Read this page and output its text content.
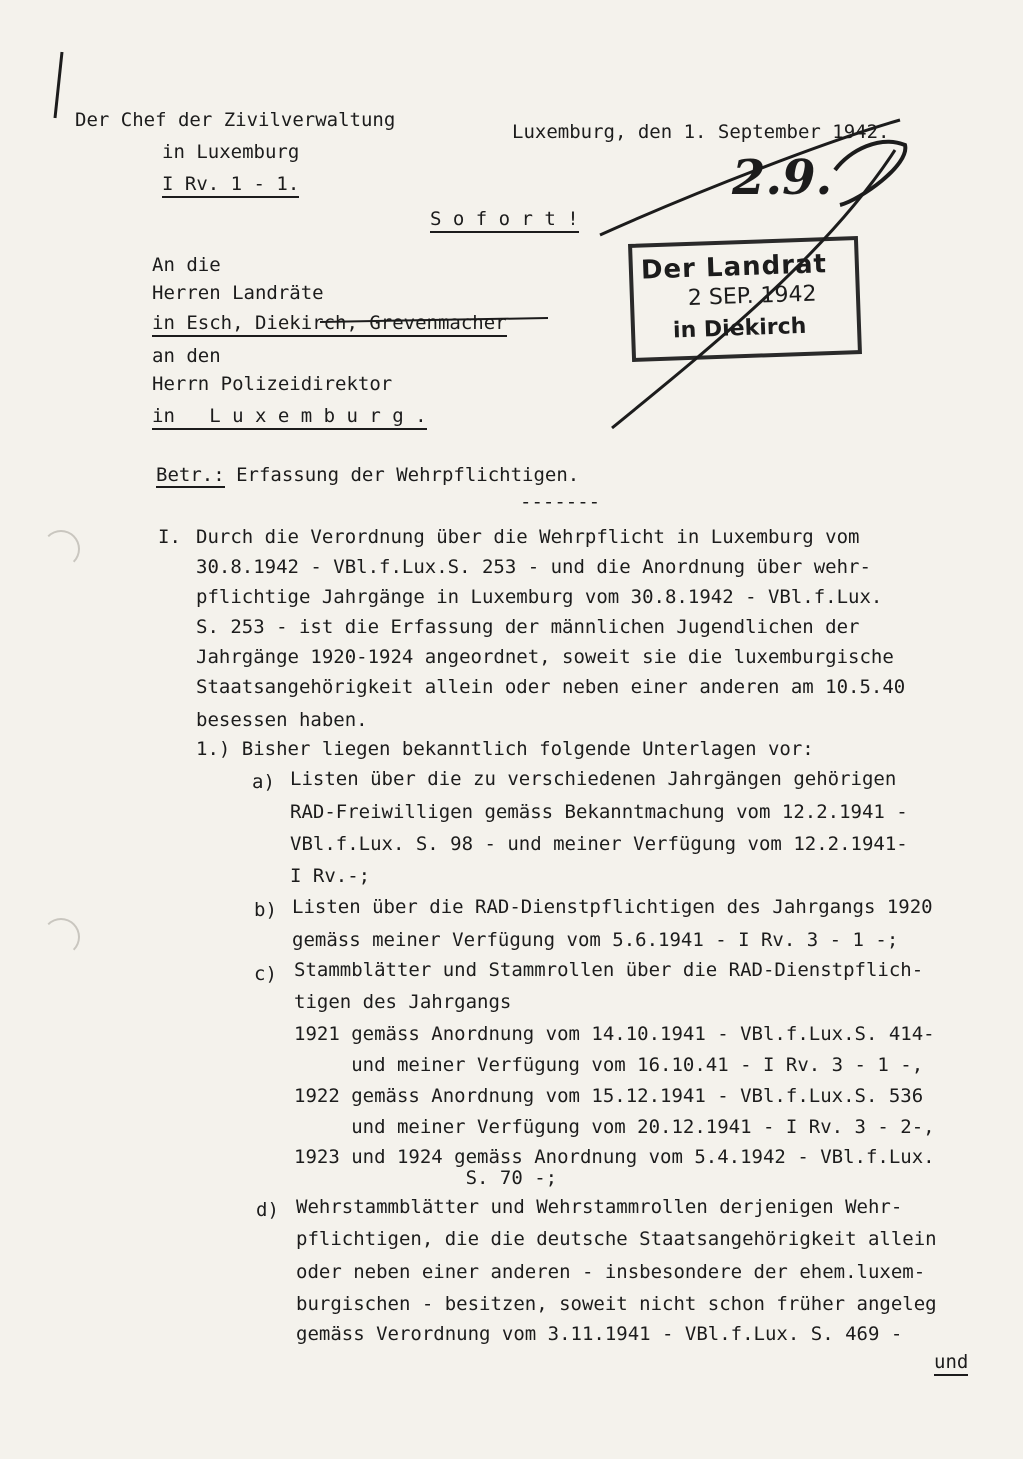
Der Chef der Zivilverwaltung
in Luxemburg
I Rv. 1 - 1.
Luxemburg, den 1. September 1942.
S o f o r t !
Der Landrat
2 SEP. 1942
in Diekirch
2.9.
An die
Herren Landräte
in Esch, Diekirch, Grevenmacher
an den
Herrn Polizeidirektor
in   L u x e m b u r g .
Betr.: Erfassung der Wehrpflichtigen.
-------
I. Durch die Verordnung über die Wehrpflicht in Luxemburg vom
30.8.1942 - VBl.f.Lux.S. 253 - und die Anordnung über wehr-
pflichtige Jahrgänge in Luxemburg vom 30.8.1942 - VBl.f.Lux.
S. 253 - ist die Erfassung der männlichen Jugendlichen der
Jahrgänge 1920-1924 angeordnet, soweit sie die luxemburgische
Staatsangehörigkeit allein oder neben einer anderen am 10.5.40
besessen haben.
1.) Bisher liegen bekanntlich folgende Unterlagen vor:
a) Listen über die zu verschiedenen Jahrgängen gehörigen
RAD-Freiwilligen gemäss Bekanntmachung vom 12.2.1941 -
VBl.f.Lux. S. 98 - und meiner Verfügung vom 12.2.1941-
I Rv.-;
b) Listen über die RAD-Dienstpflichtigen des Jahrgangs 1920
gemäss meiner Verfügung vom 5.6.1941 - I Rv. 3 - 1 -;
c) Stammblätter und Stammrollen über die RAD-Dienstpflich-
tigen des Jahrgangs
1921 gemäss Anordnung vom 14.10.1941 - VBl.f.Lux.S. 414-
und meiner Verfügung vom 16.10.41 - I Rv. 3 - 1 -,
1922 gemäss Anordnung vom 15.12.1941 - VBl.f.Lux.S. 536
und meiner Verfügung vom 20.12.1941 - I Rv. 3 - 2-,
1923 und 1924 gemäss Anordnung vom 5.4.1942 - VBl.f.Lux.
S. 70 -;
d) Wehrstammblätter und Wehrstammrollen derjenigen Wehr-
pflichtigen, die die deutsche Staatsangehörigkeit allein
oder neben einer anderen - insbesondere der ehem.luxem-
burgischen - besitzen, soweit nicht schon früher angeleg
gemäss Verordnung vom 3.11.1941 - VBl.f.Lux. S. 469 -
und
